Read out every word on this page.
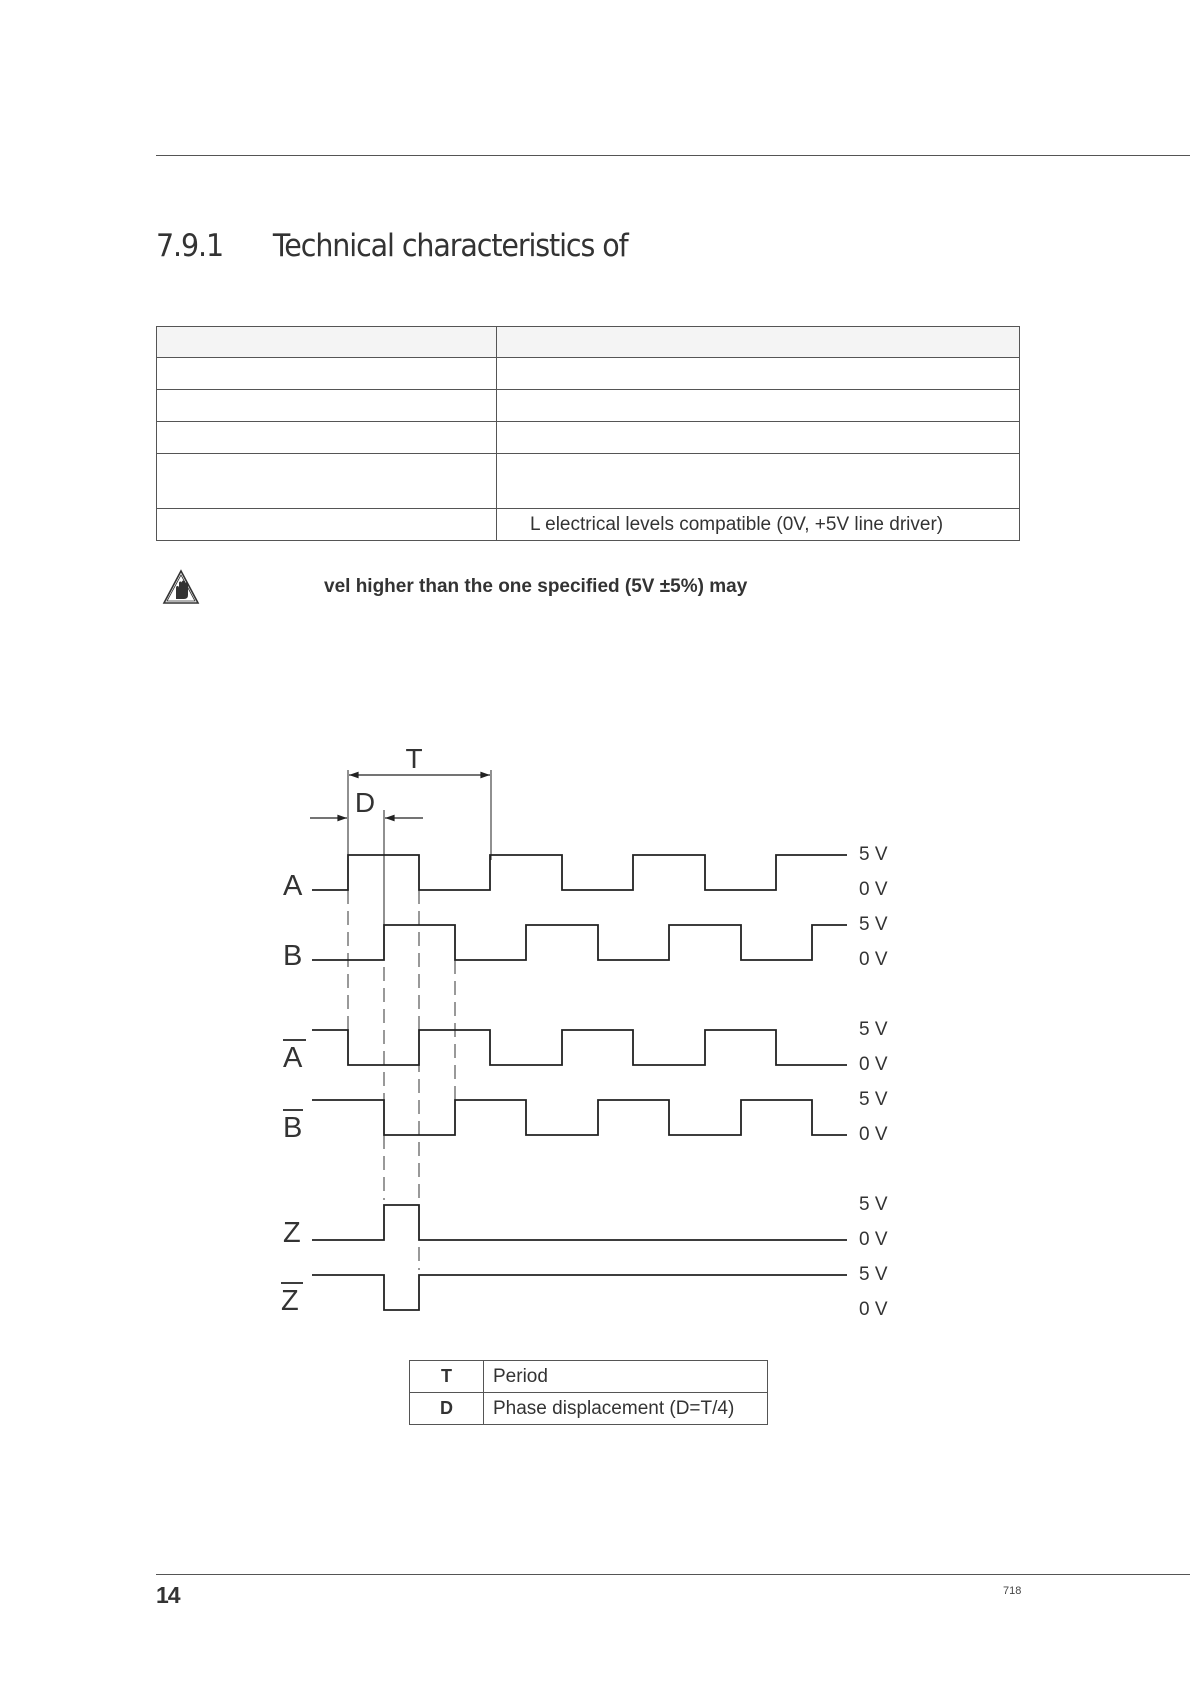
7.9.1 Technical characteristics of

	L electrical levels compatible (0V, +5V line driver)
vel higher than the one specified (5V ±5%) may
T
D
A
B
A
B
Z
Z
5 V
0 V
5 V
0 V
5 V
0 V
5 V
0 V
5 V
0 V
5 V
0 V
T	Period
D	Phase displacement (D=T/4)
14	718
